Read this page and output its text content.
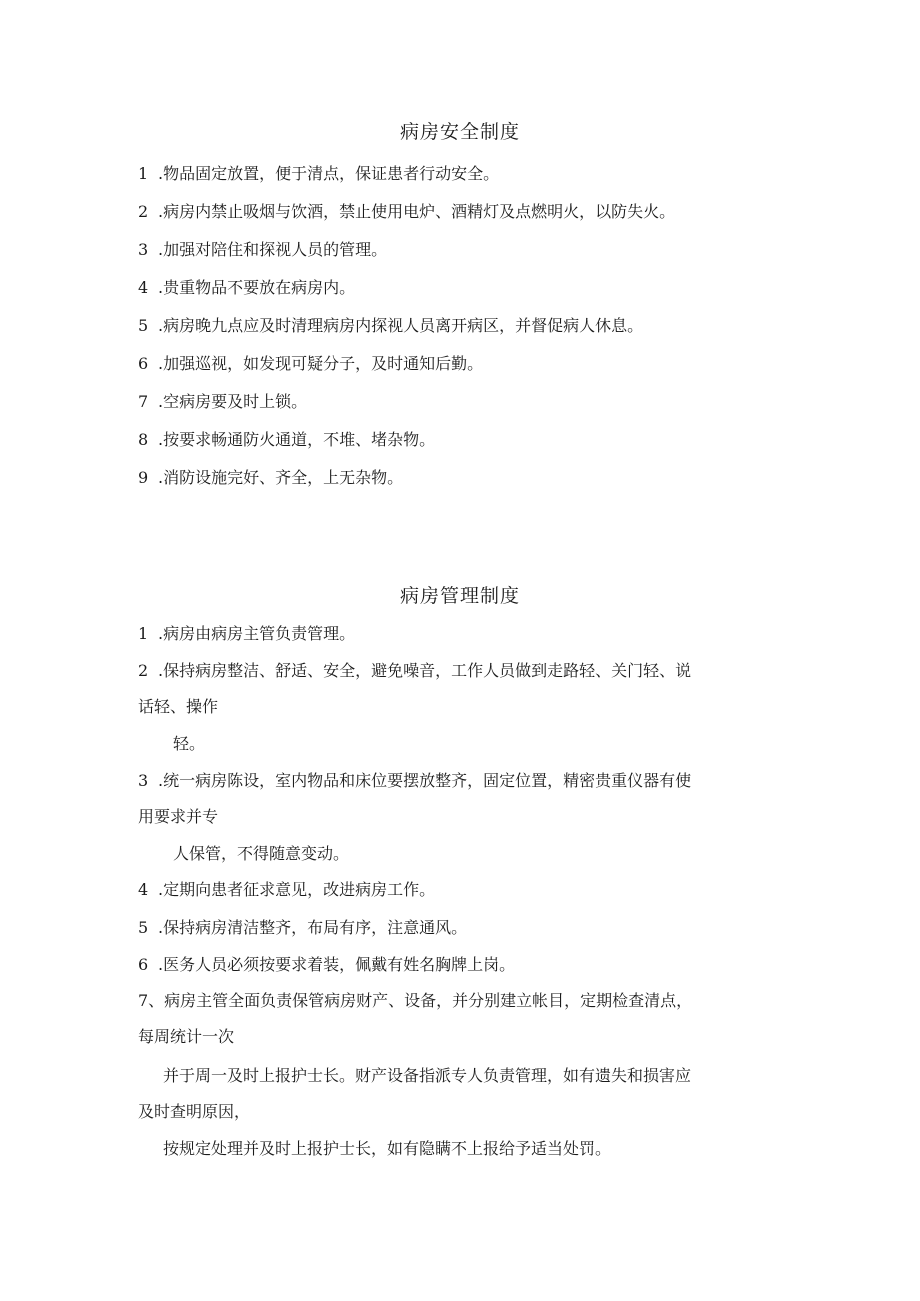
病房安全制度
1 .物品固定放置，便于清点，保证患者行动安全。
2 .病房内禁止吸烟与饮酒，禁止使用电炉、酒精灯及点燃明火，以防失火。
3 .加强对陪住和探视人员的管理。
4 .贵重物品不要放在病房内。
5 .病房晚九点应及时清理病房内探视人员离开病区，并督促病人休息。
6 .加强巡视，如发现可疑分子，及时通知后勤。
7 .空病房要及时上锁。
8 .按要求畅通防火通道，不堆、堵杂物。
9 .消防设施完好、齐全，上无杂物。
病房管理制度
1 .病房由病房主管负责管理。
2 .保持病房整洁、舒适、安全，避免噪音，工作人员做到走路轻、关门轻、说
话轻、操作
轻。
3 .统一病房陈设，室内物品和床位要摆放整齐，固定位置，精密贵重仪器有使
用要求并专
人保管，不得随意变动。
4 .定期向患者征求意见，改进病房工作。
5 .保持病房清洁整齐，布局有序，注意通风。
6 .医务人员必须按要求着装，佩戴有姓名胸牌上岗。
7、病房主管全面负责保管病房财产、设备，并分别建立帐目，定期检查清点，
每周统计一次
并于周一及时上报护士长。财产设备指派专人负责管理，如有遗失和损害应
及时查明原因，
按规定处理并及时上报护士长，如有隐瞒不上报给予适当处罚。
